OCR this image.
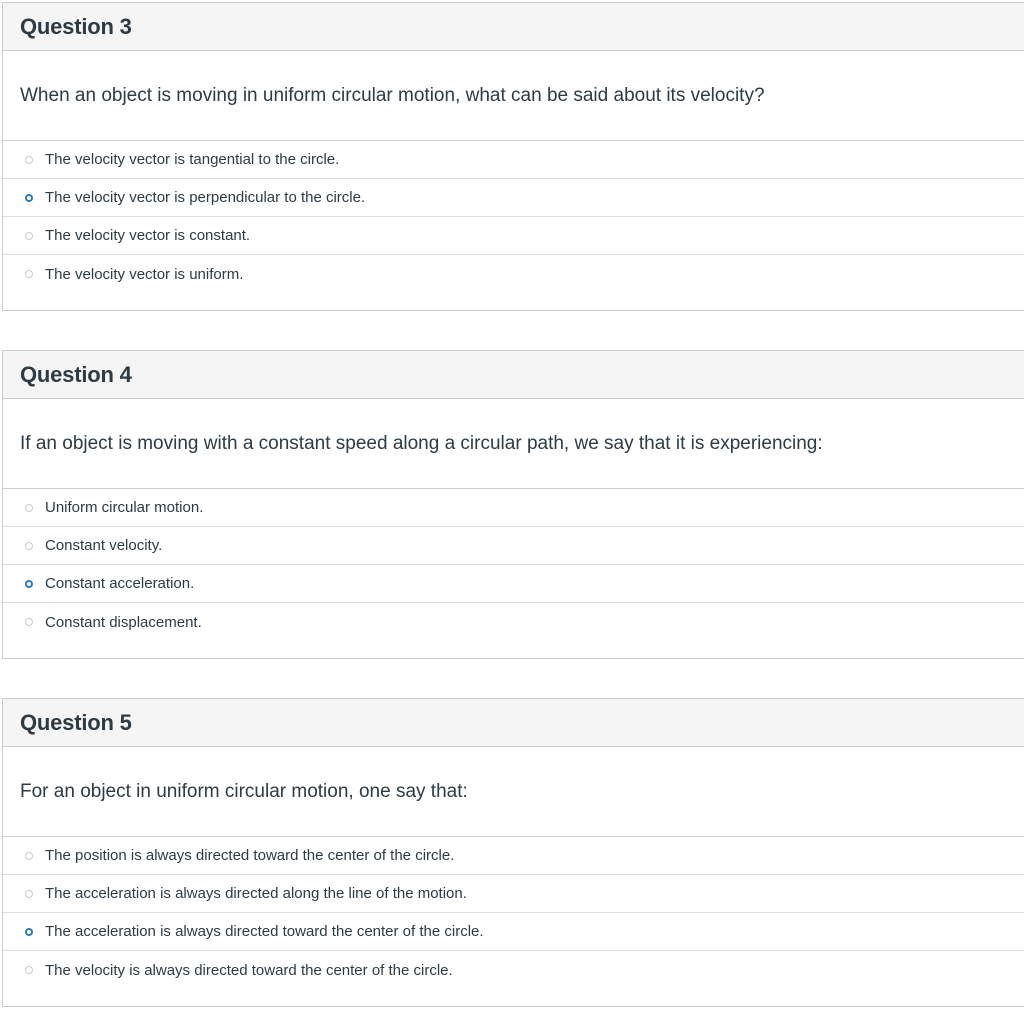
Question 3
When an object is moving in uniform circular motion, what can be said about its velocity?
The velocity vector is tangential to the circle.
The velocity vector is perpendicular to the circle.
The velocity vector is constant.
The velocity vector is uniform.
Question 4
If an object is moving with a constant speed along a circular path, we say that it is experiencing:
Uniform circular motion.
Constant velocity.
Constant acceleration.
Constant displacement.
Question 5
For an object in uniform circular motion, one say that:
The position is always directed toward the center of the circle.
The acceleration is always directed along the line of the motion.
The acceleration is always directed toward the center of the circle.
The velocity is always directed toward the center of the circle.
